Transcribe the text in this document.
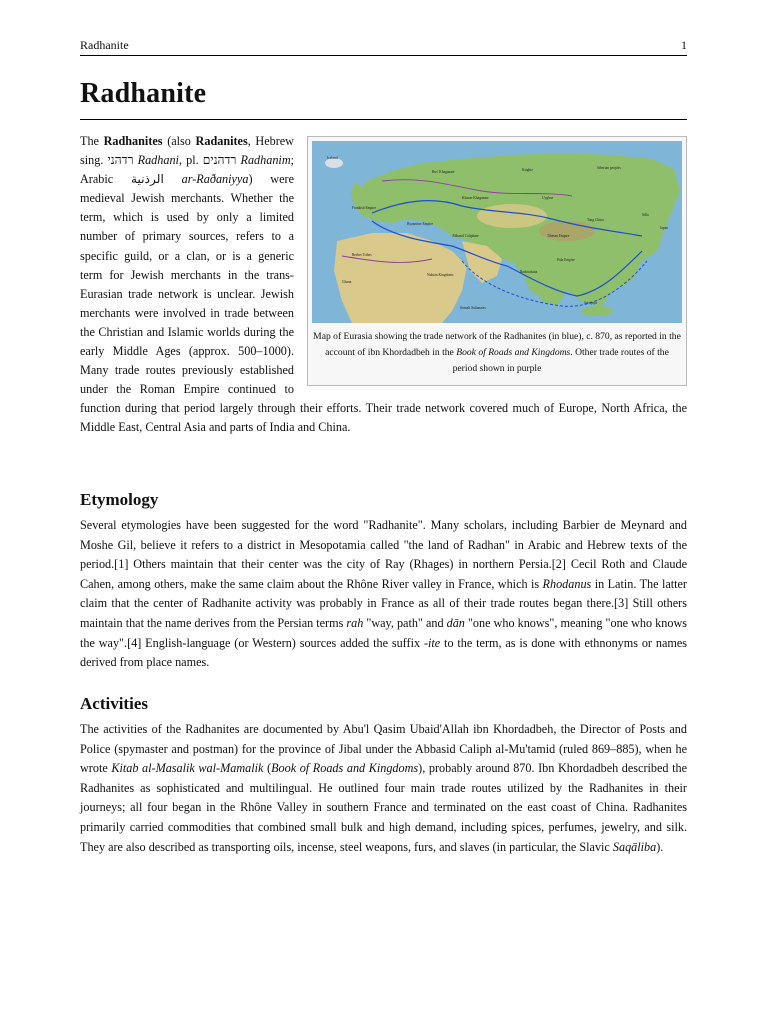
Radhanite	1
Radhanite
Iceland
Rus' Khaganate	Kirghiz	Siberian peoples
Frankish Empire
Khazar Khaganate
Tang China
Abbasid Caliphate
Byzantine Empire
Tibetan Empire
Pala Empire
Rashtrakuta
Somali Sultanates
Japan
Silla
Uyghur
Ghana
Berber Tribes
Nubian Kingdoms
Srivijaya
Map of Eurasia showing the trade network of the Radhanites (in blue), c. 870, as reported in the account of ibn Khordadbeh in the Book of Roads and Kingdoms. Other trade routes of the period shown in purple

The Radhanites (also Radanites, Hebrew sing. רדהני Radhani, pl. רדהנים Radhanim; Arabic الرذنية ar-Raðaniyya) were medieval Jewish merchants. Whether the term, which is used by only a limited number of primary sources, refers to a specific guild, or a clan, or is a generic term for Jewish merchants in the trans-Eurasian trade network is unclear. Jewish merchants were involved in trade between the Christian and Islamic worlds during the early Middle Ages (approx. 500–1000). Many trade routes previously established under the Roman Empire continued to function during that period largely through their efforts. Their trade network covered much of Europe, North Africa, the Middle East, Central Asia and parts of India and China.

Etymology

Several etymologies have been suggested for the word "Radhanite". Many scholars, including Barbier de Meynard and Moshe Gil, believe it refers to a district in Mesopotamia called "the land of Radhan" in Arabic and Hebrew texts of the period.[1] Others maintain that their center was the city of Ray (Rhages) in northern Persia.[2] Cecil Roth and Claude Cahen, among others, make the same claim about the Rhône River valley in France, which is Rhodanus in Latin. The latter claim that the center of Radhanite activity was probably in France as all of their trade routes began there.[3] Still others maintain that the name derives from the Persian terms rah "way, path" and dān "one who knows", meaning "one who knows the way".[4] English-language (or Western) sources added the suffix -ite to the term, as is done with ethnonyms or names derived from place names.

Activities

The activities of the Radhanites are documented by Abu'l Qasim Ubaid'Allah ibn Khordadbeh, the Director of Posts and Police (spymaster and postman) for the province of Jibal under the Abbasid Caliph al-Mu'tamid (ruled 869–885), when he wrote Kitab al-Masalik wal-Mamalik (Book of Roads and Kingdoms), probably around 870. Ibn Khordadbeh described the Radhanites as sophisticated and multilingual. He outlined four main trade routes utilized by the Radhanites in their journeys; all four began in the Rhône Valley in southern France and terminated on the east coast of China. Radhanites primarily carried commodities that combined small bulk and high demand, including spices, perfumes, jewelry, and silk. They are also described as transporting oils, incense, steel weapons, furs, and slaves (in particular, the Slavic Saqāliba).
